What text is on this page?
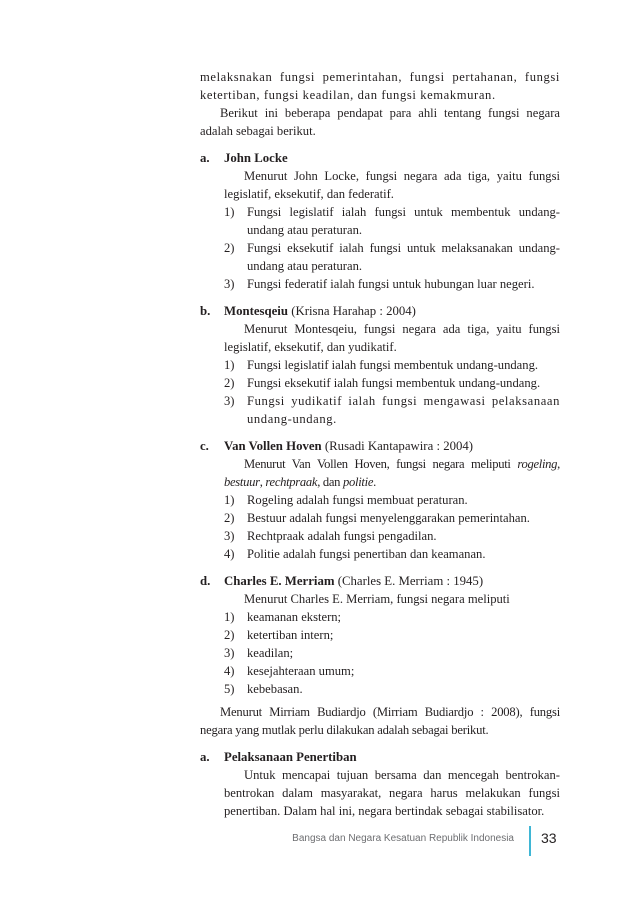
melaksnakan fungsi pemerintahan, fungsi pertahanan, fungsi ketertiban, fungsi keadilan, dan fungsi kemakmuran.

Berikut ini beberapa pendapat para ahli tentang fungsi negara adalah sebagai berikut.

a.	John Locke

Menurut John Locke, fungsi negara ada tiga, yaitu fungsi legislatif, eksekutif, dan federatif.

1) Fungsi legislatif ialah fungsi untuk membentuk undang-undang atau peraturan.
2) Fungsi eksekutif ialah fungsi untuk melaksanakan undang-undang atau peraturan.
3) Fungsi federatif ialah fungsi untuk hubungan luar negeri.
b.	Montesqeiu (Krisna Harahap : 2004)

Menurut Montesqeiu, fungsi negara ada tiga, yaitu fungsi legislatif, eksekutif, dan yudikatif.

1) Fungsi legislatif ialah fungsi membentuk undang-undang.
2) Fungsi eksekutif ialah fungsi membentuk undang-undang.
3) Fungsi yudikatif ialah fungsi mengawasi pelaksanaan undang-undang.
c.	Van Vollen Hoven (Rusadi Kantapawira : 2004)

Menurut Van Vollen Hoven, fungsi negara meliputi rogeling, bestuur, rechtpraak, dan politie.

1) Rogeling adalah fungsi membuat peraturan.
2) Bestuur adalah fungsi menyelenggarakan pemerintahan.
3) Rechtpraak adalah fungsi pengadilan.
4) Politie adalah fungsi penertiban dan keamanan.
d.	Charles E. Merriam (Charles E. Merriam : 1945)

Menurut Charles E. Merriam, fungsi negara meliputi

1) keamanan ekstern;
2) ketertiban intern;
3) keadilan;
4) kesejahteraan umum;
5) kebebasan.

Menurut Mirriam Budiardjo (Mirriam Budiardjo : 2008), fungsi negara yang mutlak perlu dilakukan adalah sebagai berikut.

a.	Pelaksanaan Penertiban

Untuk mencapai tujuan bersama dan mencegah bentrokan-bentrokan dalam masyarakat, negara harus melakukan fungsi penertiban. Dalam hal ini, negara bertindak sebagai stabilisator.

Bangsa dan Negara Kesatuan Republik Indonesia 33
